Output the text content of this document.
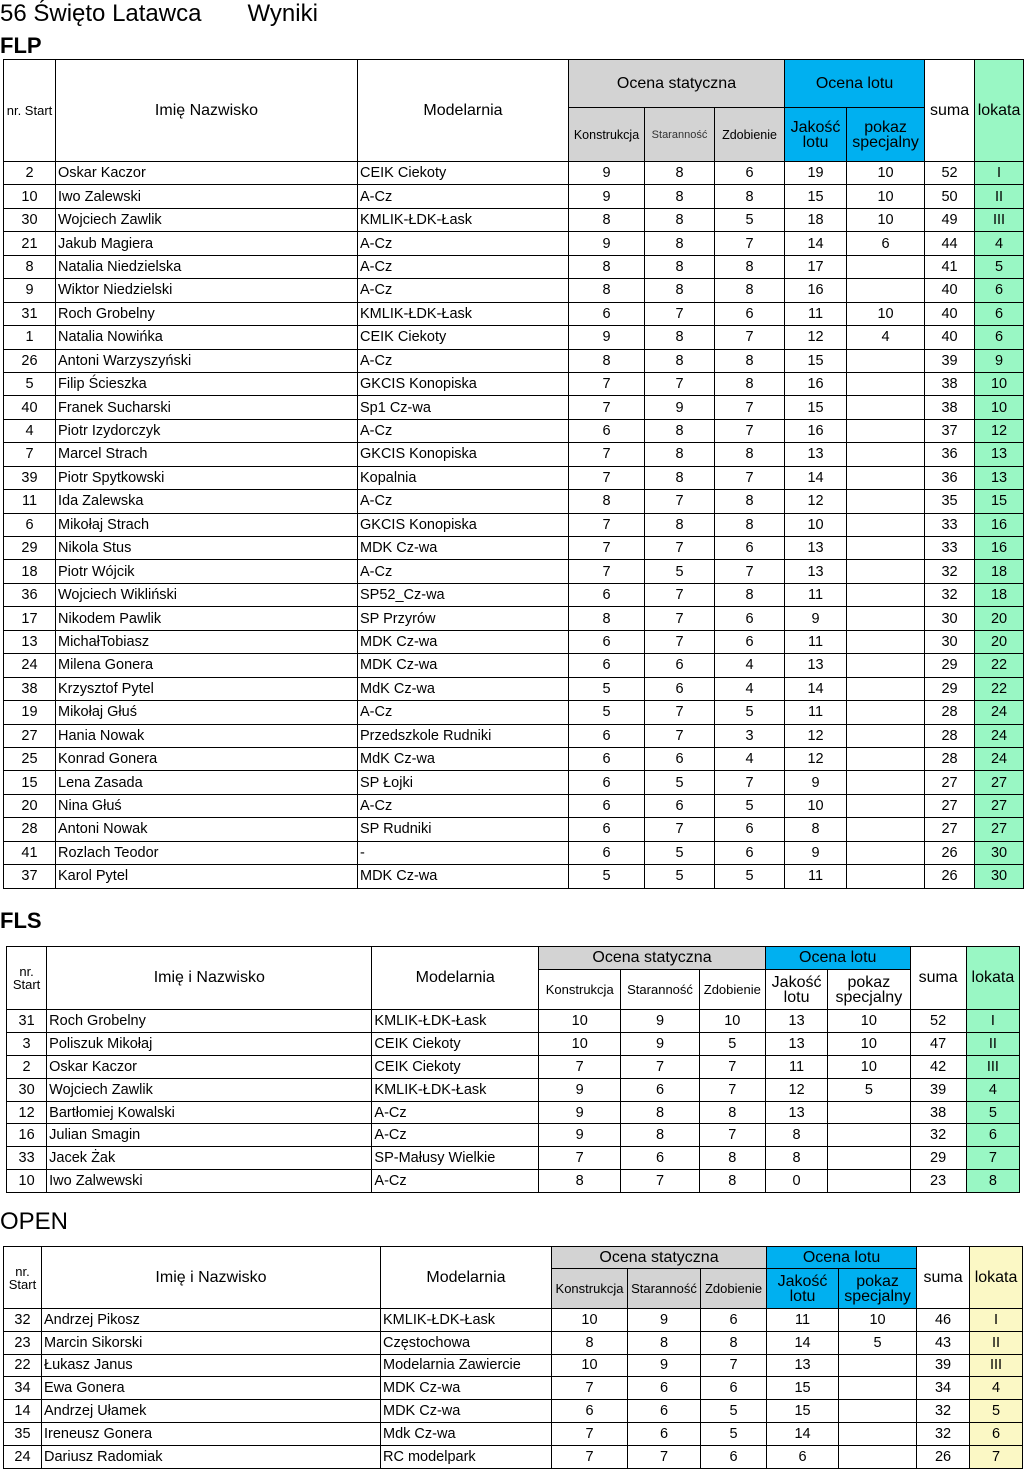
56 Święto Latawca Wyniki
FLP
nr. Start	Imię Nazwisko	Modelarnia	Ocena statyczna			Ocena lotu		suma	lokata
			Konstrukcja	Staranność	Zdobienie	Jakość lotu	pokaz specjalny		
2	Oskar Kaczor	CEIK Ciekoty	9	8	6	19	10	52	I
10	Iwo Zalewski	A-Cz	9	8	8	15	10	50	II
30	Wojciech Zawlik	KMLIK-ŁDK-Łask	8	8	5	18	10	49	III
21	Jakub Magiera	A-Cz	9	8	7	14	6	44	4
8	Natalia Niedzielska	A-Cz	8	8	8	17		41	5
9	Wiktor Niedzielski	A-Cz	8	8	8	16		40	6
31	Roch Grobelny	KMLIK-ŁDK-Łask	6	7	6	11	10	40	6
1	Natalia Nowińka	CEIK Ciekoty	9	8	7	12	4	40	6
26	Antoni Warzyszyński	A-Cz	8	8	8	15		39	9
5	Filip Ścieszka	GKCIS Konopiska	7	7	8	16		38	10
40	Franek Sucharski	Sp1 Cz-wa	7	9	7	15		38	10
4	Piotr Izydorczyk	A-Cz	6	8	7	16		37	12
7	Marcel Strach	GKCIS Konopiska	7	8	8	13		36	13
39	Piotr Spytkowski	Kopalnia	7	8	7	14		36	13
11	Ida Zalewska	A-Cz	8	7	8	12		35	15
6	Mikołaj Strach	GKCIS Konopiska	7	8	8	10		33	16
29	Nikola Stus	MDK Cz-wa	7	7	6	13		33	16
18	Piotr Wójcik	A-Cz	7	5	7	13		32	18
36	Wojciech Wikliński	SP52_Cz-wa	6	7	8	11		32	18
17	Nikodem Pawlik	SP Przyrów	8	7	6	9		30	20
13	MichałTobiasz	MDK Cz-wa	6	7	6	11		30	20
24	Milena Gonera	MDK Cz-wa	6	6	4	13		29	22
38	Krzysztof Pytel	MdK Cz-wa	5	6	4	14		29	22
19	Mikołaj Głuś	A-Cz	5	7	5	11		28	24
27	Hania Nowak	Przedszkole Rudniki	6	7	3	12		28	24
25	Konrad Gonera	MdK Cz-wa	6	6	4	12		28	24
15	Lena Zasada	SP Łojki	6	5	7	9		27	27
20	Nina Głuś	A-Cz	6	6	5	10		27	27
28	Antoni Nowak	SP Rudniki	6	7	6	8		27	27
41	Rozlach Teodor	-	6	5	6	9		26	30
37	Karol Pytel	MDK Cz-wa	5	5	5	11		26	30
FLS
nr. Start	Imię i Nazwisko	Modelarnia	Ocena statyczna			Ocena lotu		suma	lokata
			Konstrukcja	Staranność	Zdobienie	Jakość lotu	pokaz specjalny		
31	Roch Grobelny	KMLIK-ŁDK-Łask	10	9	10	13	10	52	I
3	Poliszuk Mikołaj	CEIK Ciekoty	10	9	5	13	10	47	II
2	Oskar Kaczor	CEIK Ciekoty	7	7	7	11	10	42	III
30	Wojciech Zawlik	KMLIK-ŁDK-Łask	9	6	7	12	5	39	4
12	Bartłomiej Kowalski	A-Cz	9	8	8	13		38	5
16	Julian Smagin	A-Cz	9	8	7	8		32	6
33	Jacek Żak	SP-Małusy Wielkie	7	6	8	8		29	7
10	Iwo Zalwewski	A-Cz	8	7	8	0		23	8
OPEN
nr. Start	Imię i Nazwisko	Modelarnia	Ocena statyczna			Ocena lotu		suma	lokata
			Konstrukcja	Staranność	Zdobienie	Jakość lotu	pokaz specjalny		
32	Andrzej Pikosz	KMLIK-ŁDK-Łask	10	9	6	11	10	46	I
23	Marcin Sikorski	Częstochowa	8	8	8	14	5	43	II
22	Łukasz Janus	Modelarnia Zawiercie	10	9	7	13		39	III
34	Ewa Gonera	MDK Cz-wa	7	6	6	15		34	4
14	Andrzej Ułamek	MDK Cz-wa	6	6	5	15		32	5
35	Ireneusz Gonera	Mdk Cz-wa	7	6	5	14		32	6
24	Dariusz Radomiak	RC modelpark	7	7	6	6		26	7
